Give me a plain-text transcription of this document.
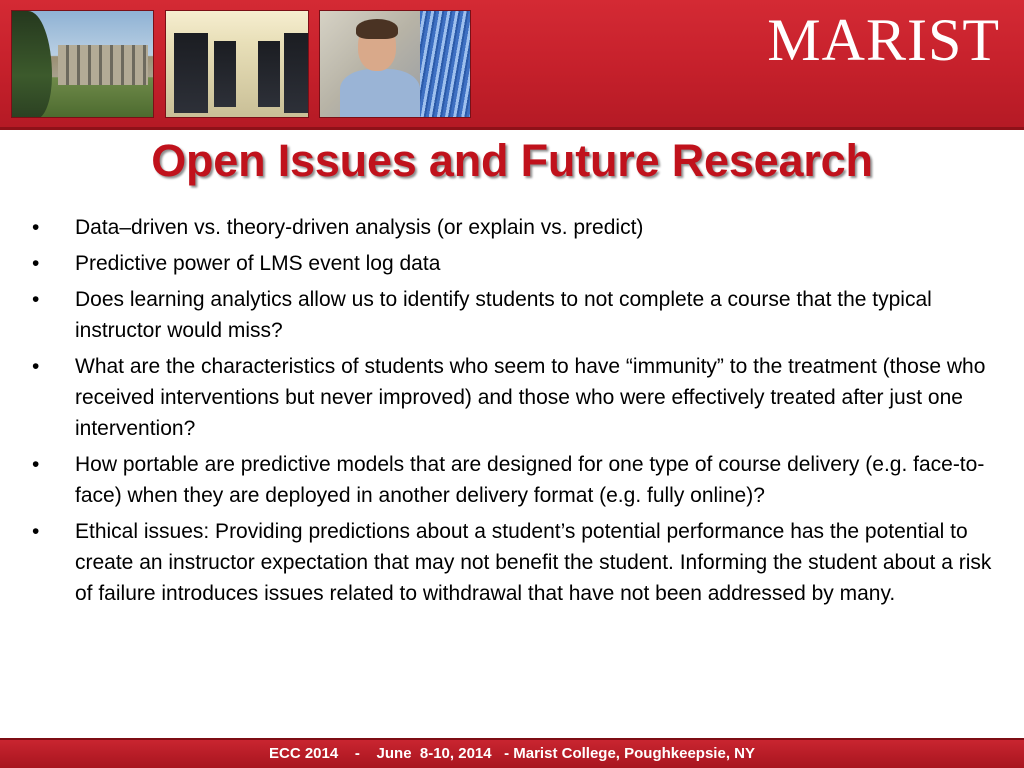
MARIST
Open Issues and Future Research
• Data–driven vs. theory-driven analysis (or explain vs. predict)
• Predictive power of LMS event log data
• Does learning analytics allow us to identify students to not complete a course that the typical instructor would miss?
• What are the characteristics of students who seem to have “immunity” to the treatment (those who received interventions but never improved) and those who were effectively treated after just one intervention?
• How portable are predictive models that are designed for one type of course delivery (e.g. face-to-face) when they are deployed in another delivery format (e.g. fully online)?
• Ethical issues: Providing predictions about a student’s potential performance has the potential to create an instructor expectation that may not benefit the student. Informing the student about a risk of failure introduces issues related to withdrawal that have not been addressed by many.
ECC 2014    -    June  8-10, 2014   - Marist College, Poughkeepsie, NY
